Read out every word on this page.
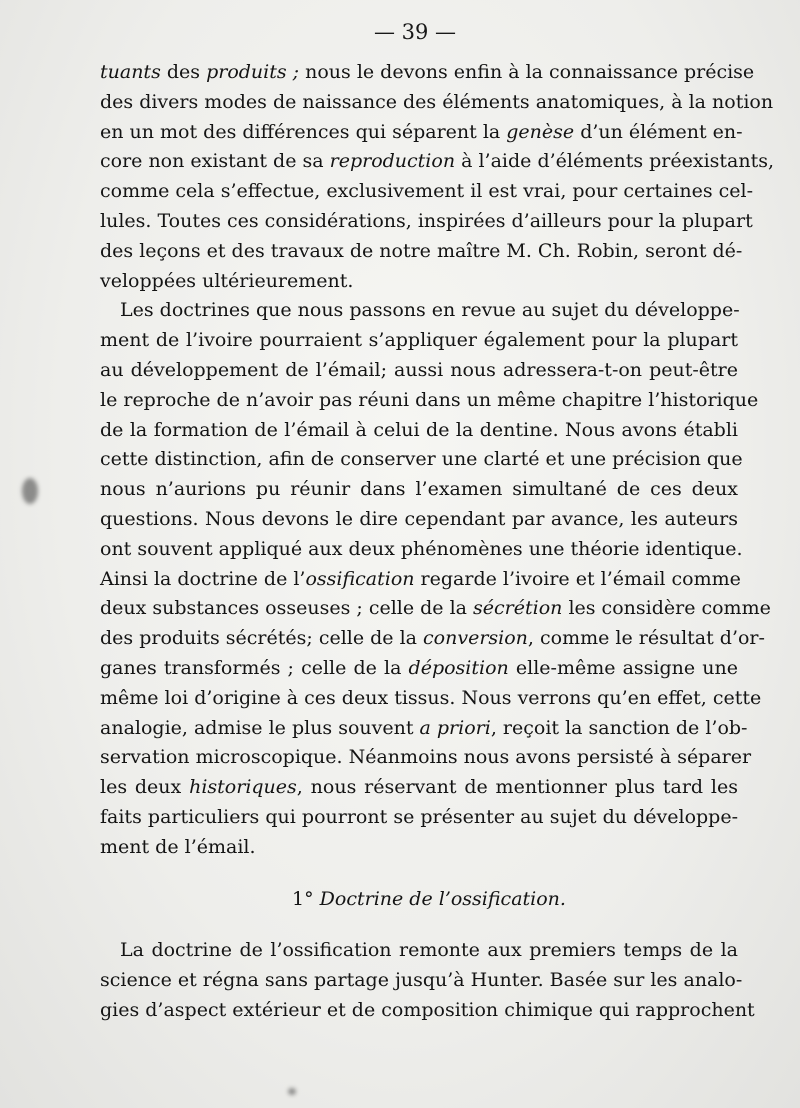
— 39 —
tuants des produits ; nous le devons enfin à la connaissance précise
des divers modes de naissance des éléments anatomiques, à la notion
en un mot des différences qui séparent la genèse d’un élément en-
core non existant de sa reproduction à l’aide d’éléments préexistants,
comme cela s’effectue, exclusivement il est vrai, pour certaines cel-
lules. Toutes ces considérations, inspirées d’ailleurs pour la plupart
des leçons et des travaux de notre maître M. Ch. Robin, seront dé-
veloppées ultérieurement.
Les doctrines que nous passons en revue au sujet du développe-
ment de l’ivoire pourraient s’appliquer également pour la plupart
au développement de l’émail; aussi nous adressera-t-on peut-être
le reproche de n’avoir pas réuni dans un même chapitre l’historique
de la formation de l’émail à celui de la dentine. Nous avons établi
cette distinction, afin de conserver une clarté et une précision que
nous n’aurions pu réunir dans l’examen simultané de ces deux
questions. Nous devons le dire cependant par avance, les auteurs
ont souvent appliqué aux deux phénomènes une théorie identique.
Ainsi la doctrine de l’ossification regarde l’ivoire et l’émail comme
deux substances osseuses ; celle de la sécrétion les considère comme
des produits sécrétés; celle de la conversion, comme le résultat d’or-
ganes transformés ; celle de la déposition elle-même assigne une
même loi d’origine à ces deux tissus. Nous verrons qu’en effet, cette
analogie, admise le plus souvent a priori, reçoit la sanction de l’ob-
servation microscopique. Néanmoins nous avons persisté à séparer
les deux historiques, nous réservant de mentionner plus tard les
faits particuliers qui pourront se présenter au sujet du développe-
ment de l’émail.
1° Doctrine de l’ossification.
La doctrine de l’ossification remonte aux premiers temps de la
science et régna sans partage jusqu’à Hunter. Basée sur les analo-
gies d’aspect extérieur et de composition chimique qui rapprochent
